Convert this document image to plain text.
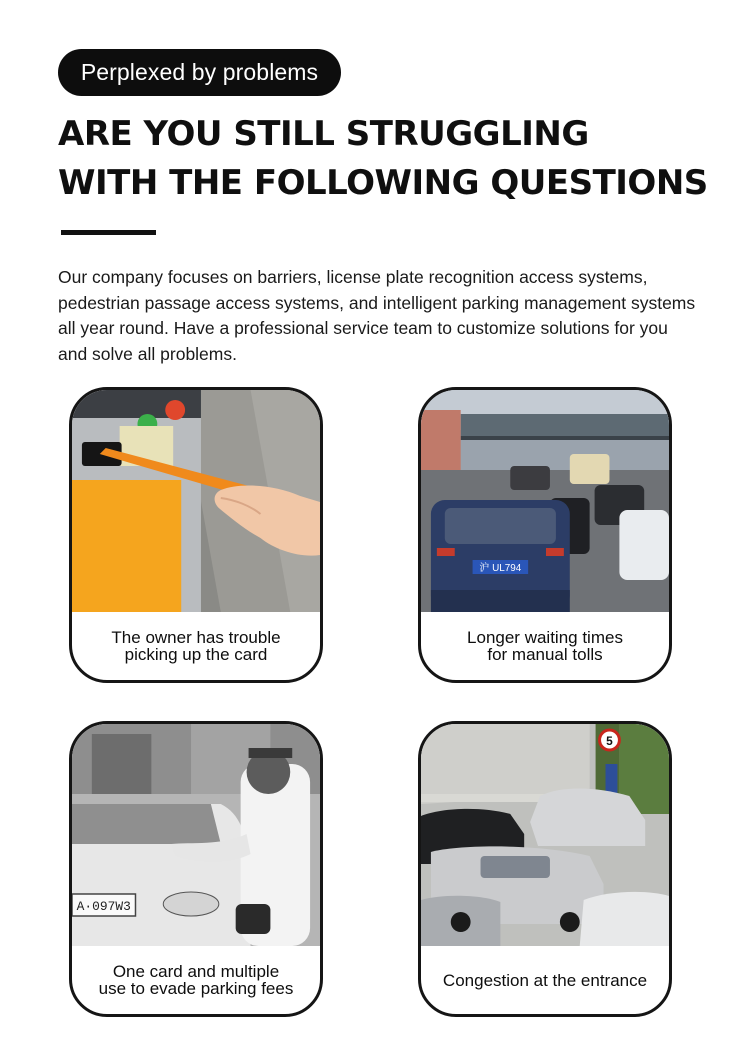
Perplexed by problems
ARE YOU STILL STRUGGLING
WITH THE FOLLOWING QUESTIONS

Our company focuses on barriers, license plate recognition access systems, pedestrian passage access systems, and intelligent parking management systems all year round. Have a professional service team to customize solutions for you and solve all problems.

The owner has trouble
picking up the card
沪 UL794
Longer waiting times
for manual tolls
A·097W3
One card and multiple
use to evade parking fees
5
Congestion at the entrance
